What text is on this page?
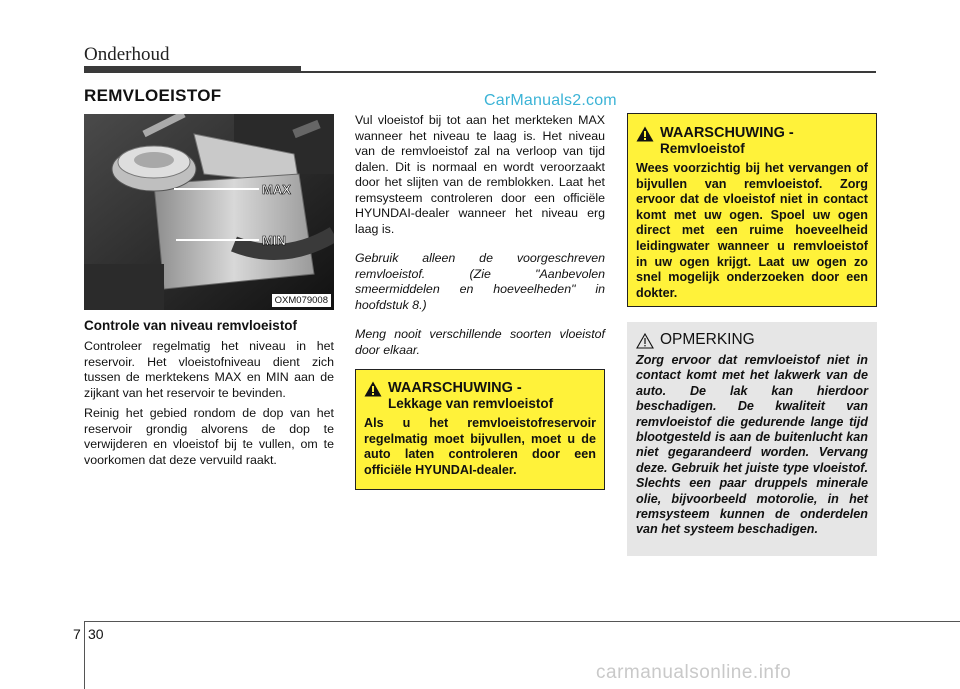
Onderhoud
REMVLOEISTOF	CarManuals2.com
MAX
MIN
OXM079008
Controle van niveau remvloeistof

Controleer regelmatig het niveau in het reservoir. Het vloeistofniveau dient zich tussen de merktekens MAX en MIN aan de zijkant van het reservoir te bevinden.

Reinig het gebied rondom de dop van het reservoir grondig alvorens de dop te verwijderen en vloeistof bij te vullen, om te voorkomen dat deze vervuild raakt.

Vul vloeistof bij tot aan het merkteken MAX wanneer het niveau te laag is. Het niveau van de remvloeistof zal na verloop van tijd dalen. Dit is normaal en wordt veroorzaakt door het slijten van de remblokken. Laat het remsysteem controleren door een officiële HYUNDAI-dealer wanneer het niveau erg laag is.

Gebruik alleen de voorgeschreven remvloeistof. (Zie "Aanbevolen smeermiddelen en hoeveelheden" in hoofdstuk 8.)

Meng nooit verschillende soorten vloeistof door elkaar.

WAARSCHUWING -
Lekkage van remvloeistof

Als u het remvloeistofreservoir regelmatig moet bijvullen, moet u de auto laten controleren door een officiële HYUNDAI-dealer.

WAARSCHUWING -
Remvloeistof

Wees voorzichtig bij het vervangen of bijvullen van remvloeistof. Zorg ervoor dat de vloeistof niet in contact komt met uw ogen. Spoel uw ogen direct met een ruime hoeveelheid leidingwater wanneer u remvloeistof in uw ogen krijgt. Laat uw ogen zo snel mogelijk onderzoeken door een dokter.

OPMERKING

Zorg ervoor dat remvloeistof niet in contact komt met het lakwerk van de auto. De lak kan hierdoor beschadigen. De kwaliteit van remvloeistof die gedurende lange tijd blootgesteld is aan de buitenlucht kan niet gegarandeerd worden. Vervang deze. Gebruik het juiste type vloeistof. Slechts een paar druppels minerale olie, bijvoorbeeld motorolie, in het remsysteem kunnen de onderdelen van het systeem beschadigen.

7 30
carmanualsonline.info
